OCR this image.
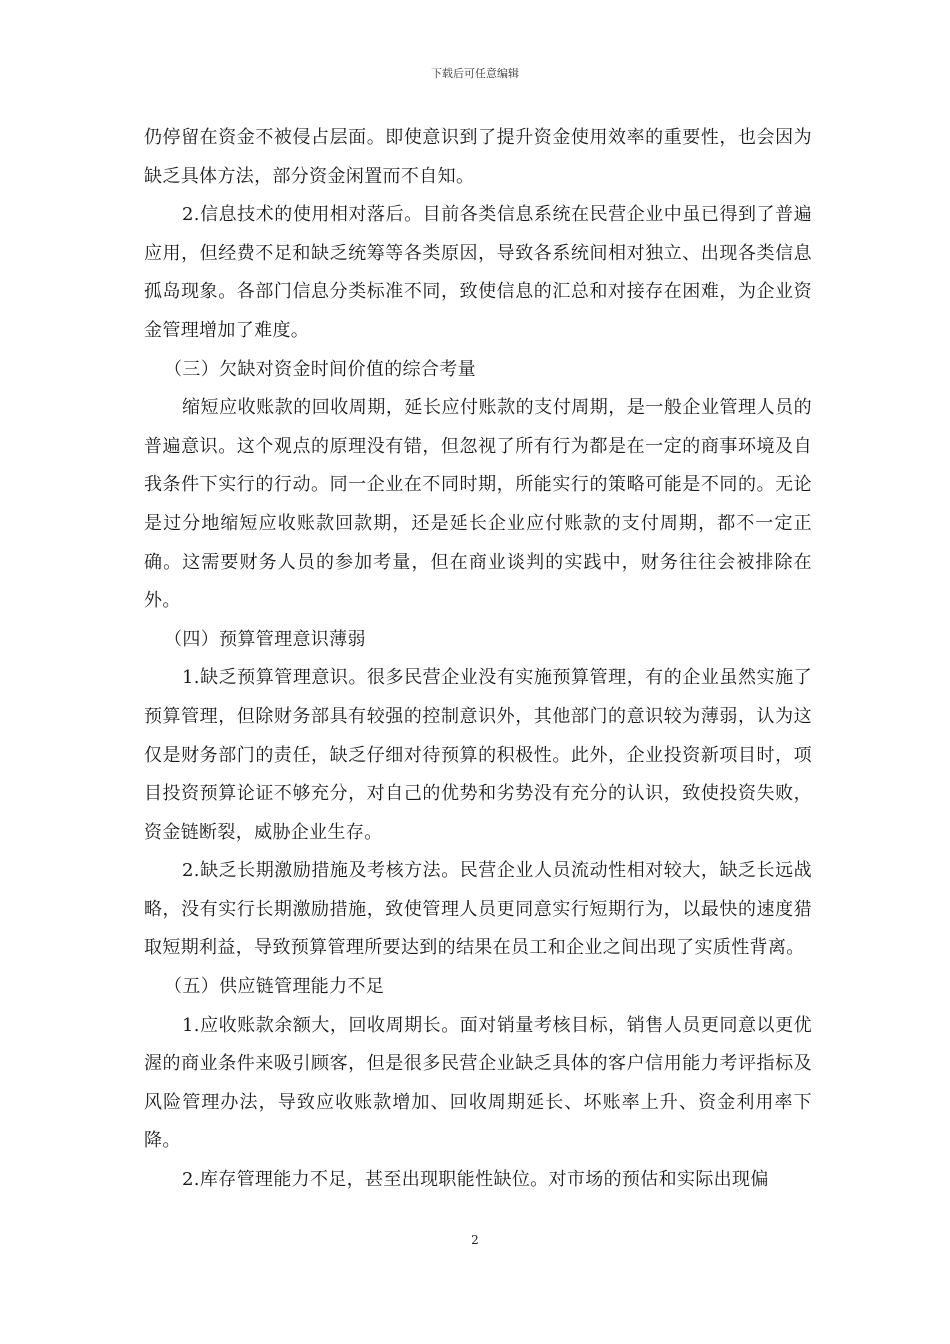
下载后可任意编辑

仍停留在资金不被侵占层面。即使意识到了提升资金使用效率的重要性，也会因为缺乏具体方法，部分资金闲置而不自知。

2.信息技术的使用相对落后。目前各类信息系统在民营企业中虽已得到了普遍应用，但经费不足和缺乏统筹等各类原因，导致各系统间相对独立、出现各类信息孤岛现象。各部门信息分类标准不同，致使信息的汇总和对接存在困难，为企业资金管理增加了难度。

（三）欠缺对资金时间价值的综合考量

缩短应收账款的回收周期，延长应付账款的支付周期，是一般企业管理人员的普遍意识。这个观点的原理没有错，但忽视了所有行为都是在一定的商事环境及自我条件下实行的行动。同一企业在不同时期，所能实行的策略可能是不同的。无论是过分地缩短应收账款回款期，还是延长企业应付账款的支付周期，都不一定正确。这需要财务人员的参加考量，但在商业谈判的实践中，财务往往会被排除在外。

（四）预算管理意识薄弱

1.缺乏预算管理意识。很多民营企业没有实施预算管理，有的企业虽然实施了预算管理，但除财务部具有较强的控制意识外，其他部门的意识较为薄弱，认为这仅是财务部门的责任，缺乏仔细对待预算的积极性。此外，企业投资新项目时，项目投资预算论证不够充分，对自己的优势和劣势没有充分的认识，致使投资失败，资金链断裂，威胁企业生存。

2.缺乏长期激励措施及考核方法。民营企业人员流动性相对较大，缺乏长远战略，没有实行长期激励措施，致使管理人员更同意实行短期行为，以最快的速度猎取短期利益，导致预算管理所要达到的结果在员工和企业之间出现了实质性背离。

（五）供应链管理能力不足

1.应收账款余额大，回收周期长。面对销量考核目标，销售人员更同意以更优渥的商业条件来吸引顾客，但是很多民营企业缺乏具体的客户信用能力考评指标及风险管理办法，导致应收账款增加、回收周期延长、坏账率上升、资金利用率下降。

2.库存管理能力不足，甚至出现职能性缺位。对市场的预估和实际出现偏

2
